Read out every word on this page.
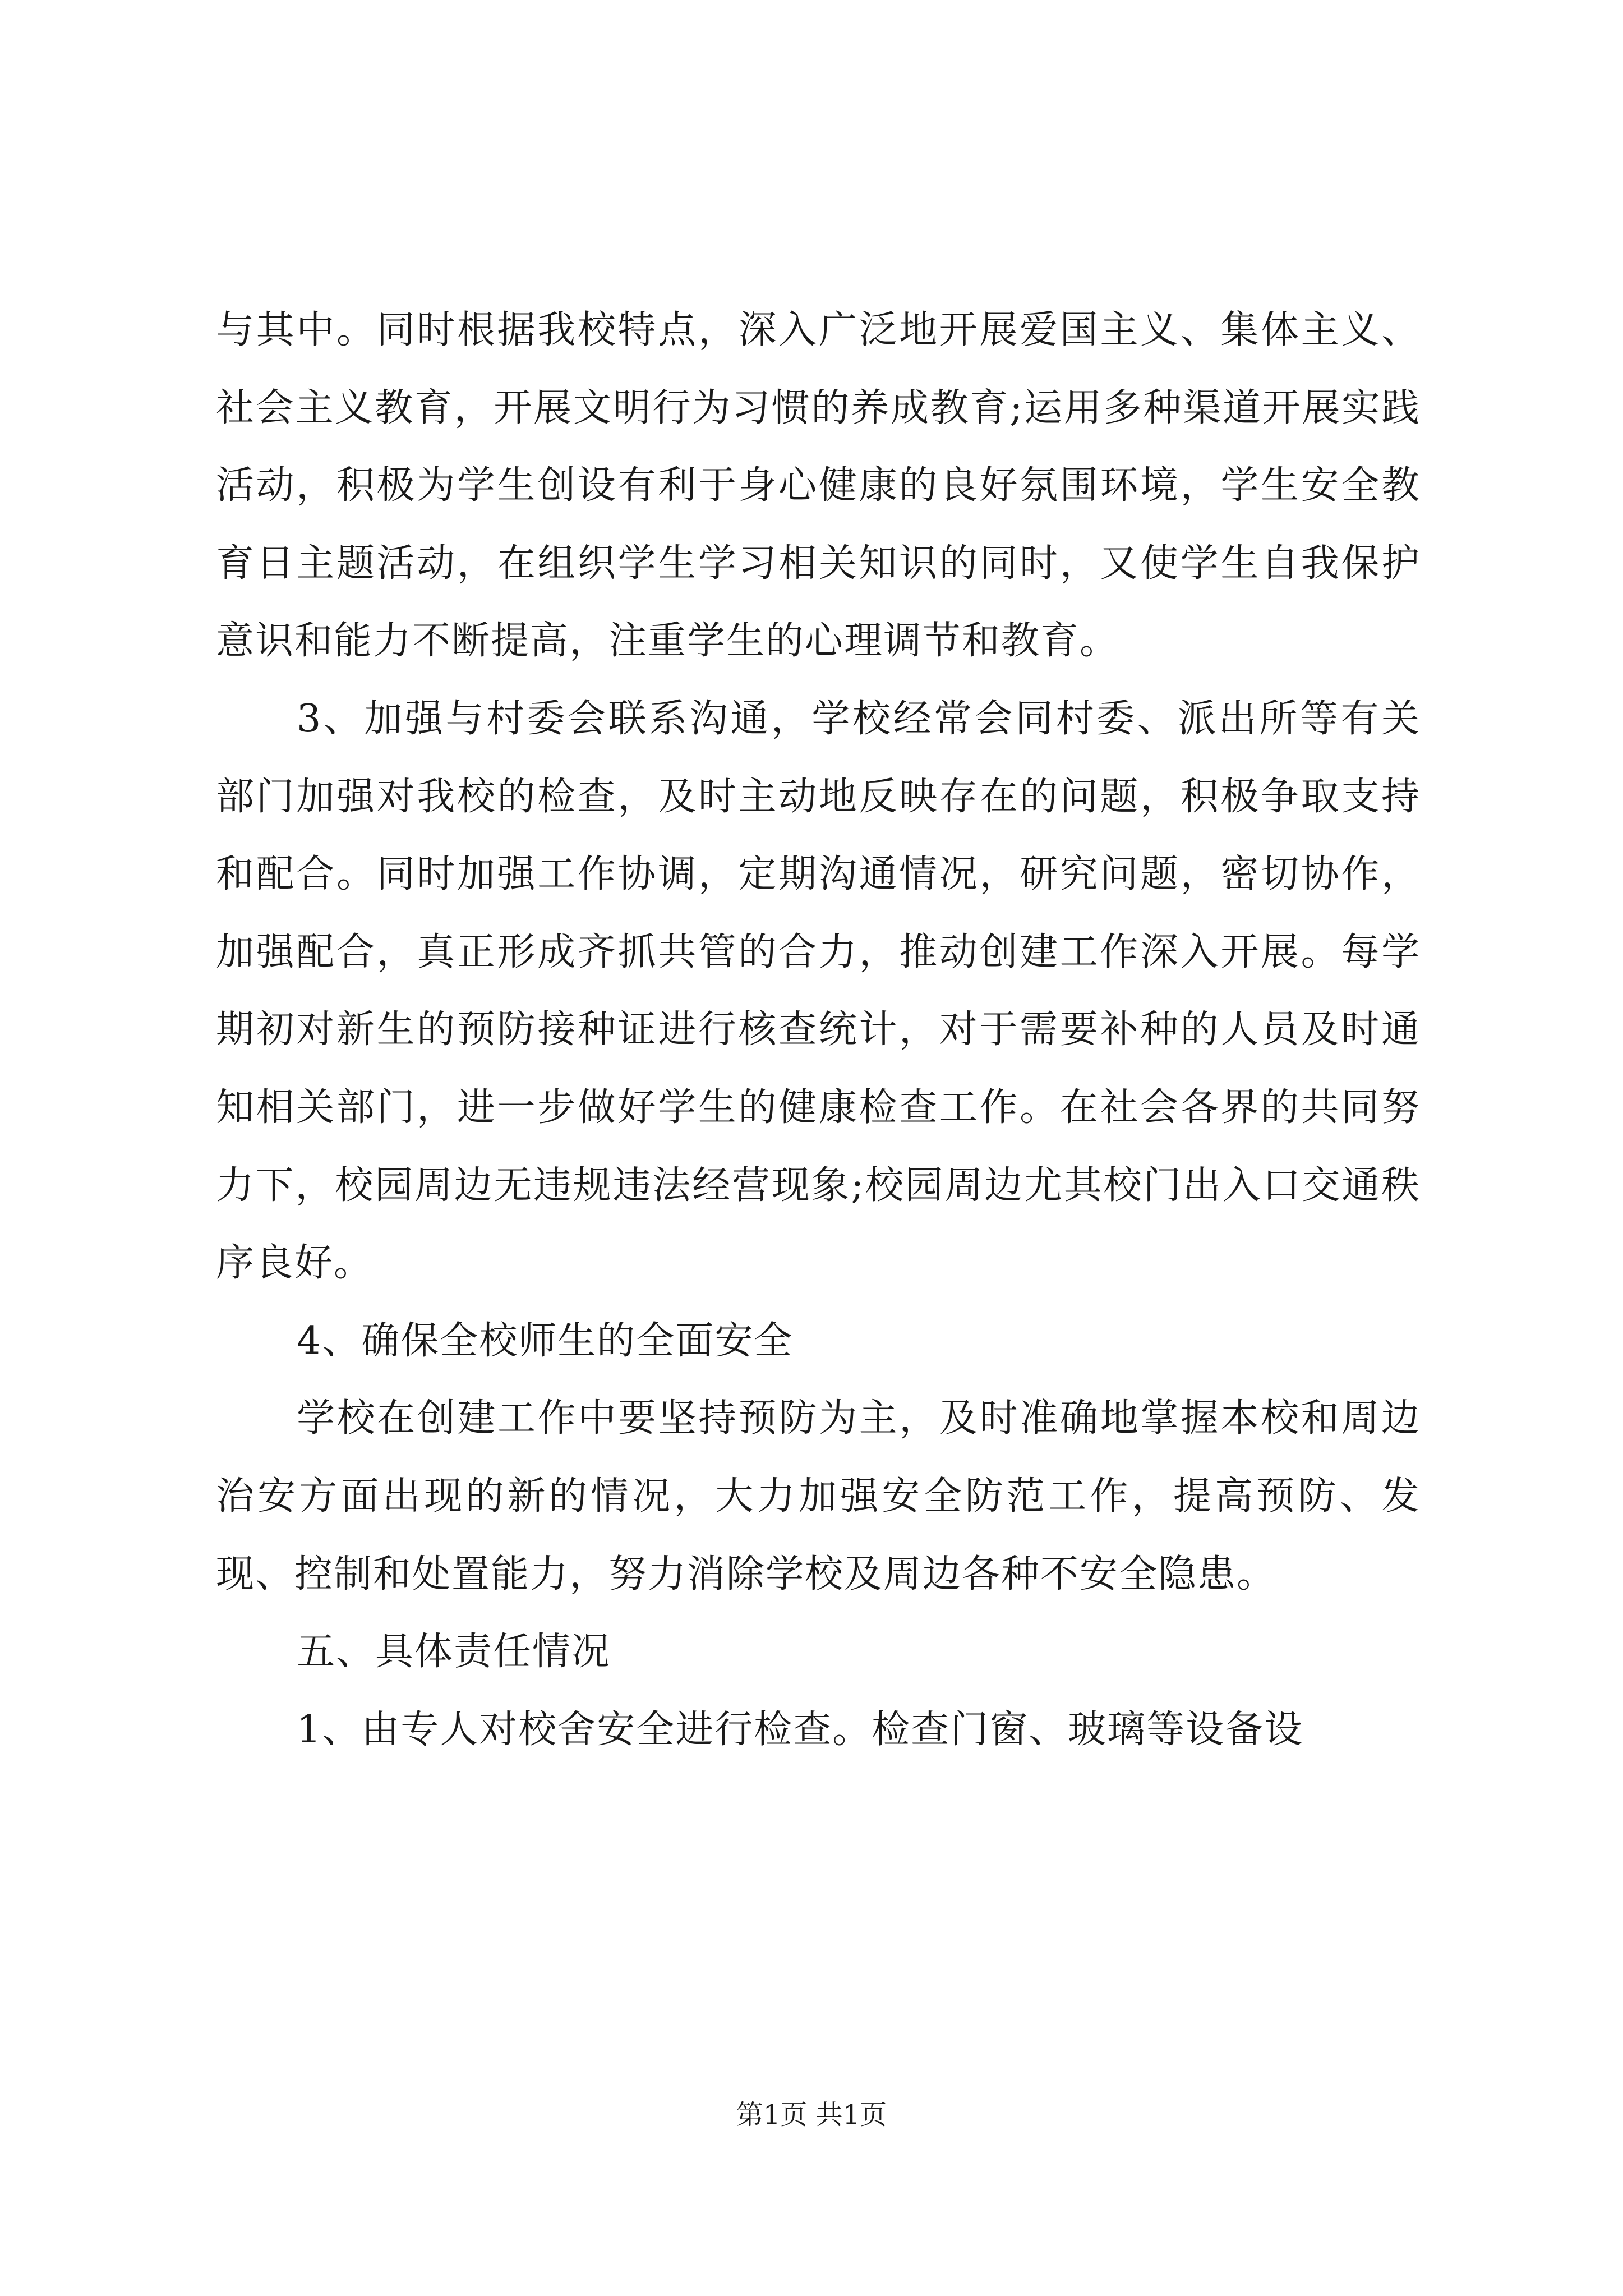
与其中。同时根据我校特点，深入广泛地开展爱国主义、集体主义、社会主义教育，开展文明行为习惯的养成教育;运用多种渠道开展实践活动，积极为学生创设有利于身心健康的良好氛围环境，学生安全教育日主题活动，在组织学生学习相关知识的同时，又使学生自我保护意识和能力不断提高，注重学生的心理调节和教育。

3、加强与村委会联系沟通，学校经常会同村委、派出所等有关部门加强对我校的检查，及时主动地反映存在的问题，积极争取支持和配合。同时加强工作协调，定期沟通情况，研究问题，密切协作，加强配合，真正形成齐抓共管的合力，推动创建工作深入开展。每学期初对新生的预防接种证进行核查统计，对于需要补种的人员及时通知相关部门，进一步做好学生的健康检查工作。在社会各界的共同努力下，校园周边无违规违法经营现象;校园周边尤其校门出入口交通秩序良好。

4、确保全校师生的全面安全

学校在创建工作中要坚持预防为主，及时准确地掌握本校和周边治安方面出现的新的情况，大力加强安全防范工作，提高预防、发现、控制和处置能力，努力消除学校及周边各种不安全隐患。

五、具体责任情况

1、由专人对校舍安全进行检查。检查门窗、玻璃等设备设

第1页 共1页
